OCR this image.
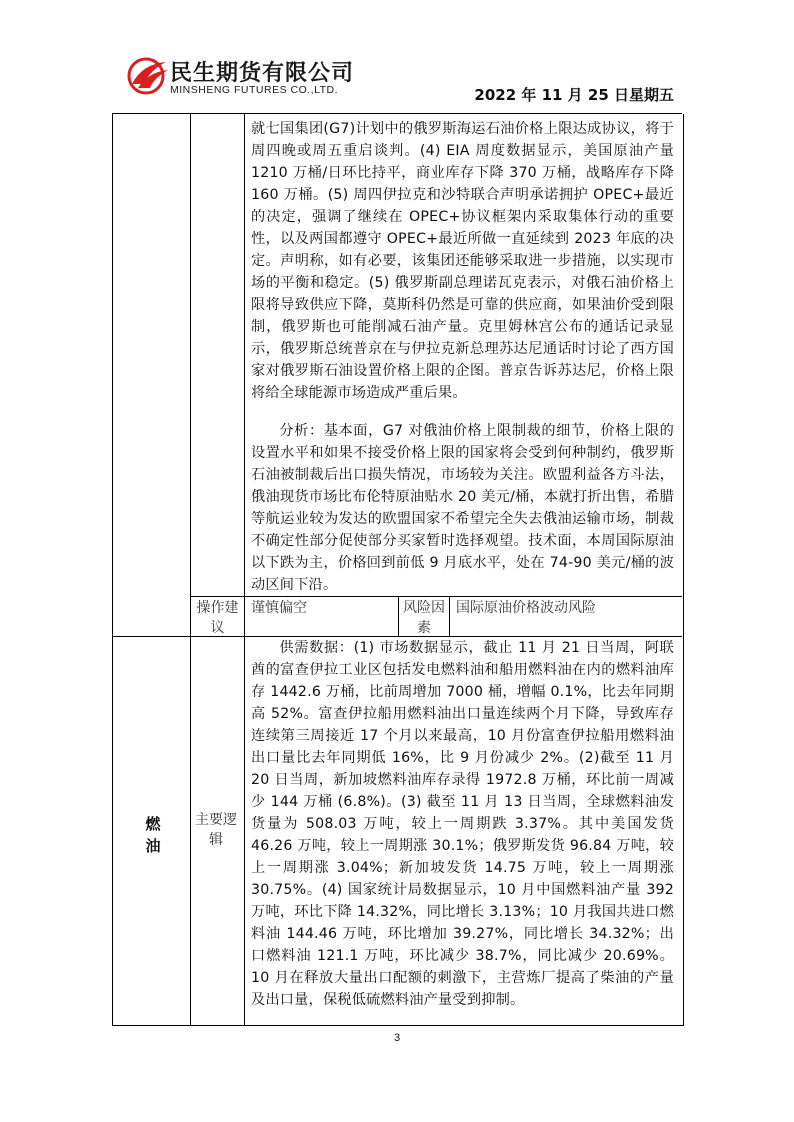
民生期货有限公司
MINSHENG FUTURES CO.,LTD.	2022 年 11 月 25 日星期五
就七国集团(G7)计划中的俄罗斯海运石油价格上限达成协议，将于周四晚或周五重启谈判。(4) EIA 周度数据显示，美国原油产量 1210 万桶/日环比持平，商业库存下降 370 万桶，战略库存下降 160 万桶。(5) 周四伊拉克和沙特联合声明承诺拥护 OPEC+最近的决定，强调了继续在 OPEC+协议框架内采取集体行动的重要性，以及两国都遵守 OPEC+最近所做一直延续到 2023 年底的决定。声明称，如有必要，该集团还能够采取进一步措施，以实现市场的平衡和稳定。(5) 俄罗斯副总理诺瓦克表示，对俄石油价格上限将导致供应下降，莫斯科仍然是可靠的供应商，如果油价受到限制，俄罗斯也可能削减石油产量。克里姆林宫公布的通话记录显示，俄罗斯总统普京在与伊拉克新总理苏达尼通话时讨论了西方国家对俄罗斯石油设置价格上限的企图。普京告诉苏达尼，价格上限将给全球能源市场造成严重后果。
分析：基本面，G7 对俄油价格上限制裁的细节，价格上限的设置水平和如果不接受价格上限的国家将会受到何种制约，俄罗斯石油被制裁后出口损失情况，市场较为关注。欧盟利益各方斗法，俄油现货市场比布伦特原油贴水 20 美元/桶，本就打折出售，希腊等航运业较为发达的欧盟国家不希望完全失去俄油运输市场，制裁不确定性部分促使部分买家暂时选择观望。技术面，本周国际原油以下跌为主，价格回到前低 9 月底水平，处在 74-90 美元/桶的波动区间下沿。
操作建议
谨慎偏空	风险因素
国际原油价格波动风险
燃油
主要逻辑
供需数据：(1) 市场数据显示，截止 11 月 21 日当周，阿联酋的富查伊拉工业区包括发电燃料油和船用燃料油在内的燃料油库存 1442.6 万桶，比前周增加 7000 桶，增幅 0.1%，比去年同期高 52%。富查伊拉船用燃料油出口量连续两个月下降，导致库存连续第三周接近 17 个月以来最高，10 月份富查伊拉船用燃料油出口量比去年同期低 16%，比 9 月份减少 2%。(2)截至 11 月 20 日当周，新加坡燃料油库存录得 1972.8 万桶，环比前一周减少 144 万桶 (6.8%)。(3) 截至 11 月 13 日当周，全球燃料油发货量为 508.03 万吨，较上一周期跌 3.37%。其中美国发货 46.26 万吨，较上一周期涨 30.1%；俄罗斯发货 96.84 万吨，较上一周期涨 3.04%；新加坡发货 14.75 万吨，较上一周期涨 30.75%。(4) 国家统计局数据显示，10 月中国燃料油产量 392 万吨，环比下降 14.32%，同比增长 3.13%；10 月我国共进口燃料油 144.46 万吨，环比增加 39.27%，同比增长 34.32%；出口燃料油 121.1 万吨，环比减少 38.7%，同比减少 20.69%。10 月在释放大量出口配额的刺激下，主营炼厂提高了柴油的产量及出口量，保税低硫燃料油产量受到抑制。
3
